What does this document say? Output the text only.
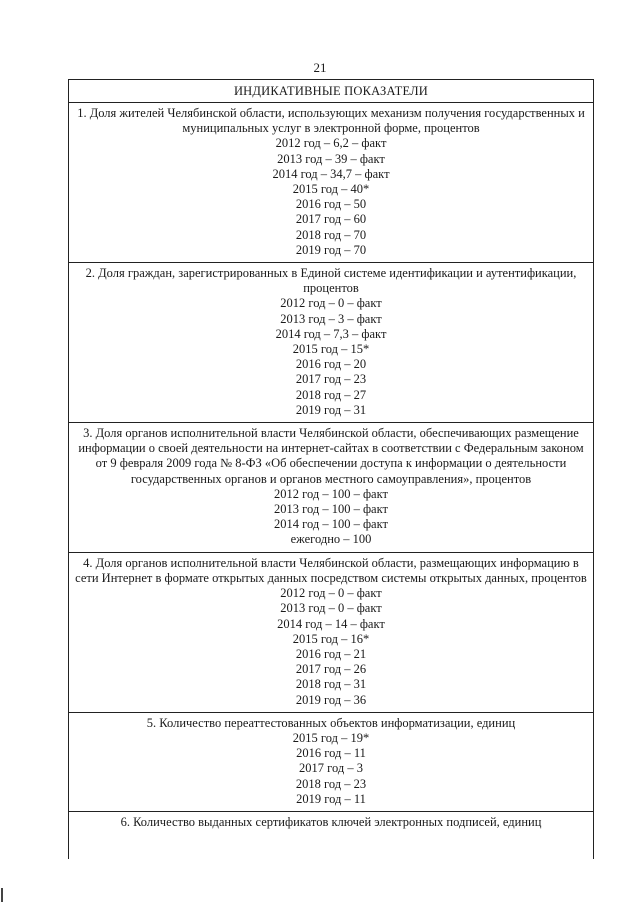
21
ИНДИКАТИВНЫЕ ПОКАЗАТЕЛИ
1. Доля жителей Челябинской области, использующих механизм получения государственных и муниципальных услуг в электронной форме, процентов
2012 год – 6,2 – факт
2013 год – 39 – факт
2014 год – 34,7 – факт
2015 год – 40*
2016 год – 50
2017 год – 60
2018 год – 70
2019 год – 70
2. Доля граждан, зарегистрированных в Единой системе идентификации и аутентификации, процентов
2012 год – 0 – факт
2013 год – 3 – факт
2014 год – 7,3 – факт
2015 год – 15*
2016 год – 20
2017 год – 23
2018 год – 27
2019 год – 31
3. Доля органов исполнительной власти Челябинской области, обеспечивающих размещение информации о своей деятельности на интернет-сайтах в соответствии с Федеральным законом от 9 февраля 2009 года № 8-ФЗ «Об обеспечении доступа к информации о деятельности государственных органов и органов местного самоуправления», процентов
2012 год – 100 – факт
2013 год – 100 – факт
2014 год – 100 – факт
ежегодно – 100
4. Доля органов исполнительной власти Челябинской области, размещающих информацию в сети Интернет в формате открытых данных посредством системы открытых данных, процентов
2012 год – 0 – факт
2013 год – 0 – факт
2014 год – 14 – факт
2015 год – 16*
2016 год – 21
2017 год – 26
2018 год – 31
2019 год – 36
5. Количество переаттестованных объектов информатизации, единиц
2015 год – 19*
2016 год – 11
2017 год – 3
2018 год – 23
2019 год – 11
6. Количество выданных сертификатов ключей электронных подписей, единиц
